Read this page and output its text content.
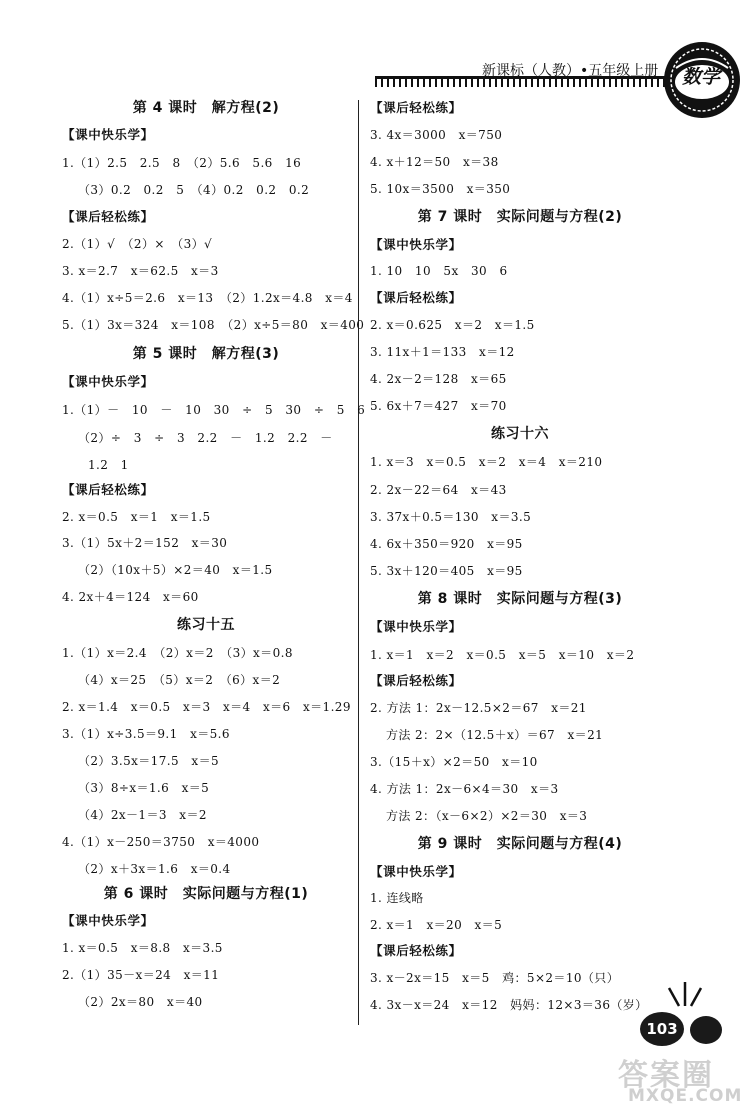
新课标（人教）•五年级上册	数学
第 4 课时　解方程(2)
【课中快乐学】
1.（1）2.5　2.5　8　（2）5.6　5.6　16
（3）0.2　0.2　5　（4）0.2　0.2　0.2
【课后轻松练】
2.（1）√　（2）×　（3）√
3. x＝2.7　x＝62.5　x＝3
4.（1）x÷5＝2.6　x＝13　（2）1.2x＝4.8　x＝4
5.（1）3x＝324　x＝108　（2）x÷5＝80　x＝400
第 5 课时　解方程(3)
【课中快乐学】
1.（1）－　10　－　10　30　÷　5　30　÷　5　6
（2）÷　3　÷　3　2.2　－　1.2　2.2　－
1.2　1
【课后轻松练】
2. x＝0.5　x＝1　x＝1.5
3.（1）5x＋2＝152　x＝30
（2）（10x＋5）×2＝40　x＝1.5
4. 2x＋4＝124　x＝60
练习十五
1.（1）x＝2.4　（2）x＝2　（3）x＝0.8
（4）x＝25　（5）x＝2　（6）x＝2
2. x＝1.4　x＝0.5　x＝3　x＝4　x＝6　x＝1.29
3.（1）x÷3.5＝9.1　x＝5.6
（2）3.5x＝17.5　x＝5
（3）8÷x＝1.6　x＝5
（4）2x－1＝3　x＝2
4.（1）x－250＝3750　x＝4000
（2）x＋3x＝1.6　x＝0.4
第 6 课时　实际问题与方程(1)
【课中快乐学】
1. x＝0.5　x＝8.8　x＝3.5
2.（1）35－x＝24　x＝11
（2）2x＝80　x＝40
【课后轻松练】
3. 4x＝3000　x＝750
4. x＋12＝50　x＝38
5. 10x＝3500　x＝350
第 7 课时　实际问题与方程(2)
【课中快乐学】
1. 10　10　5x　30　6
【课后轻松练】
2. x＝0.625　x＝2　x＝1.5
3. 11x＋1＝133　x＝12
4. 2x－2＝128　x＝65
5. 6x＋7＝427　x＝70
练习十六
1. x＝3　x＝0.5　x＝2　x＝4　x＝210
2. 2x－22＝64　x＝43
3. 37x＋0.5＝130　x＝3.5
4. 6x＋350＝920　x＝95
5. 3x＋120＝405　x＝95
第 8 课时　实际问题与方程(3)
【课中快乐学】
1. x＝1　x＝2　x＝0.5　x＝5　x＝10　x＝2
【课后轻松练】
2. 方法 1：2x－12.5×2＝67　x＝21
方法 2：2×（12.5＋x）＝67　x＝21
3.（15＋x）×2＝50　x＝10
4. 方法 1：2x－6×4＝30　x＝3
方法 2：（x－6×2）×2＝30　x＝3
第 9 课时　实际问题与方程(4)
【课中快乐学】
1. 连线略
2. x＝1　x＝20　x＝5
【课后轻松练】
3. x－2x＝15　x＝5　鸡：5×2＝10（只）
4. 3x－x＝24　x＝12　妈妈：12×3＝36（岁）
103
答案圈
MXQE.COM
